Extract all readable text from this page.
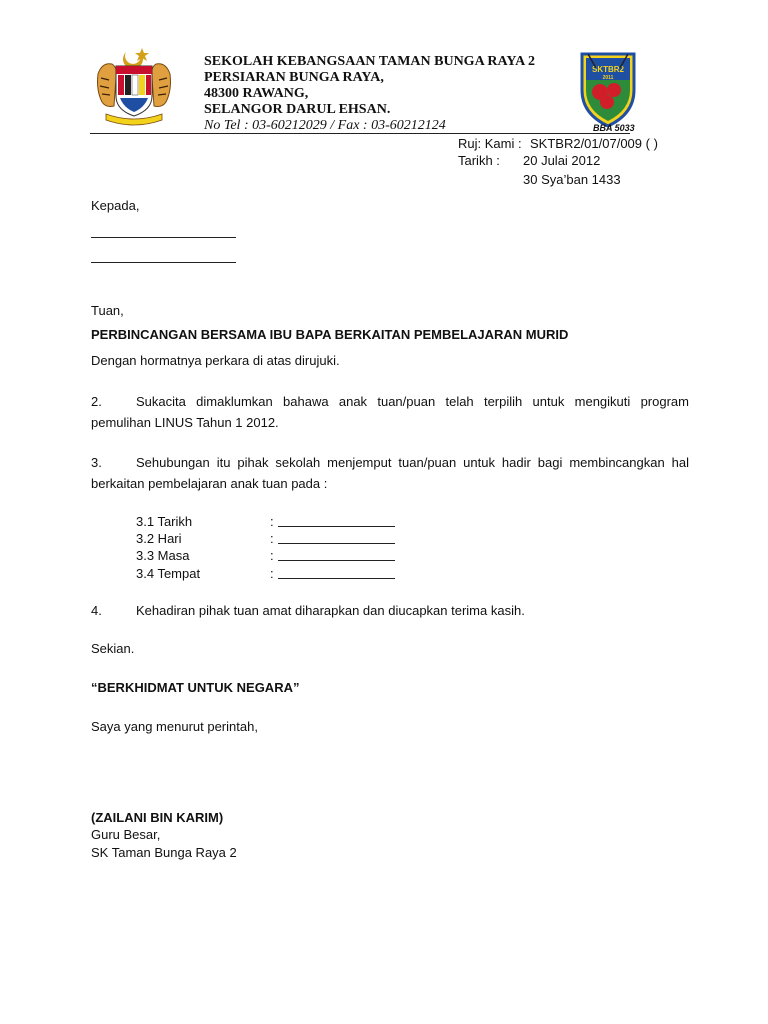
SEKOLAH KEBANGSAAN TAMAN BUNGA RAYA 2
PERSIARAN BUNGA RAYA,
48300 RAWANG,
SELANGOR DARUL EHSAN.
No Tel : 03-60212029 / Fax : 03-60212124
SKTBR2
2011
BBA 5033
Ruj: Kami : SKTBR2/01/07/009 ( )
Tarikh : 20 Julai 2012
30 Sya’ban 1433
Kepada,
Tuan,
PERBINCANGAN BERSAMA IBU BAPA BERKAITAN PEMBELAJARAN MURID
Dengan hormatnya perkara di atas dirujuki.
2.	Sukacita dimaklumkan bahawa anak tuan/puan telah terpilih untuk mengikuti program pemulihan LINUS Tahun 1 2012.
3.	Sehubungan itu pihak sekolah menjemput tuan/puan untuk hadir bagi membincangkan hal berkaitan pembelajaran anak tuan pada :
3.1 Tarikh	:
3.2 Hari	:
3.3 Masa	:
3.4 Tempat	:
4.	Kehadiran pihak tuan amat diharapkan dan diucapkan terima kasih.
Sekian.
“BERKHIDMAT UNTUK NEGARA”
Saya yang menurut perintah,
(ZAILANI BIN KARIM)
Guru Besar,
SK Taman Bunga Raya 2
